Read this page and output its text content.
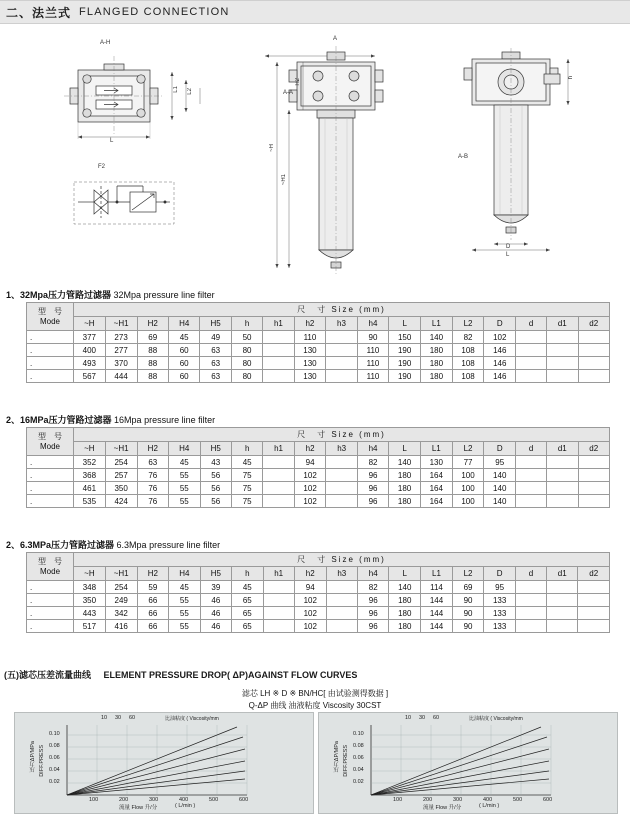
二、法兰式 FLANGED CONNECTION
A-H
L
L1 L2
F2
A
A-A
~H
~H1
H2
A-B
h
D
L
1、32Mpa压力管路过滤器 32Mpa pressure line filter
型　号
Mode	尺　寸 Size (mm)																
	~H	~H1	H2	H4	H5	h	h1	h2	h3	h4	L	L1	L2	D	d	d1	d2
.	377	273	69	45	49	50		110		90	150	140	82	102			
.	400	277	88	60	63	80		130		110	190	180	108	146			
.	493	370	88	60	63	80		130		110	190	180	108	146			
.	567	444	88	60	63	80		130		110	190	180	108	146			
2、16MPa压力管路过滤器 16Mpa pressure line filter
型　号
Mode	尺　寸 Size (mm)																
	~H	~H1	H2	H4	H5	h	h1	h2	h3	h4	L	L1	L2	D	d	d1	d2
.	352	254	63	45	43	45		94		82	140	130	77	95			
.	368	257	76	55	56	75		102		96	180	164	100	140			
.	461	350	76	55	56	75		102		96	180	164	100	140			
.	535	424	76	55	56	75		102		96	180	164	100	140			
2、6.3MPa压力管路过滤器 6.3Mpa pressure line filter
型　号
Mode	尺　寸 Size (mm)																
	~H	~H1	H2	H4	H5	h	h1	h2	h3	h4	L	L1	L2	D	d	d1	d2
.	348	254	59	45	39	45		94		82	140	114	69	95			
.	350	249	66	55	46	65		102		96	180	144	90	133			
.	443	342	66	55	46	65		102		96	180	144	90	133			
.	517	416	66	55	46	65		102		96	180	144	90	133			
(五)滤芯压差流量曲线 ELEMENT PRESSURE DROP( ΔP)AGAINST FLOW CURVES
滤芯 LH ※ D ※ BN/HC[ 由试验测得数据 ]
Q-ΔP 曲线 油液粘度 Viscosity 30CST
比油粘度 ( Viscosity/mm
10 30 60
0.10
0.08
0.06
0.04
0.02
100	200	300	400	500	600
压力ΔP/MPa DIFF.PRESS
流量 Flow 升/分	( L/min )
比油粘度 ( Viscosity/mm
10 30 60
0.10
0.08
0.06
0.04
0.02
100	200	300	400	500	600
压力ΔP/MPa DIFF.PRESS
流量 Flow 升/分	( L/min )
